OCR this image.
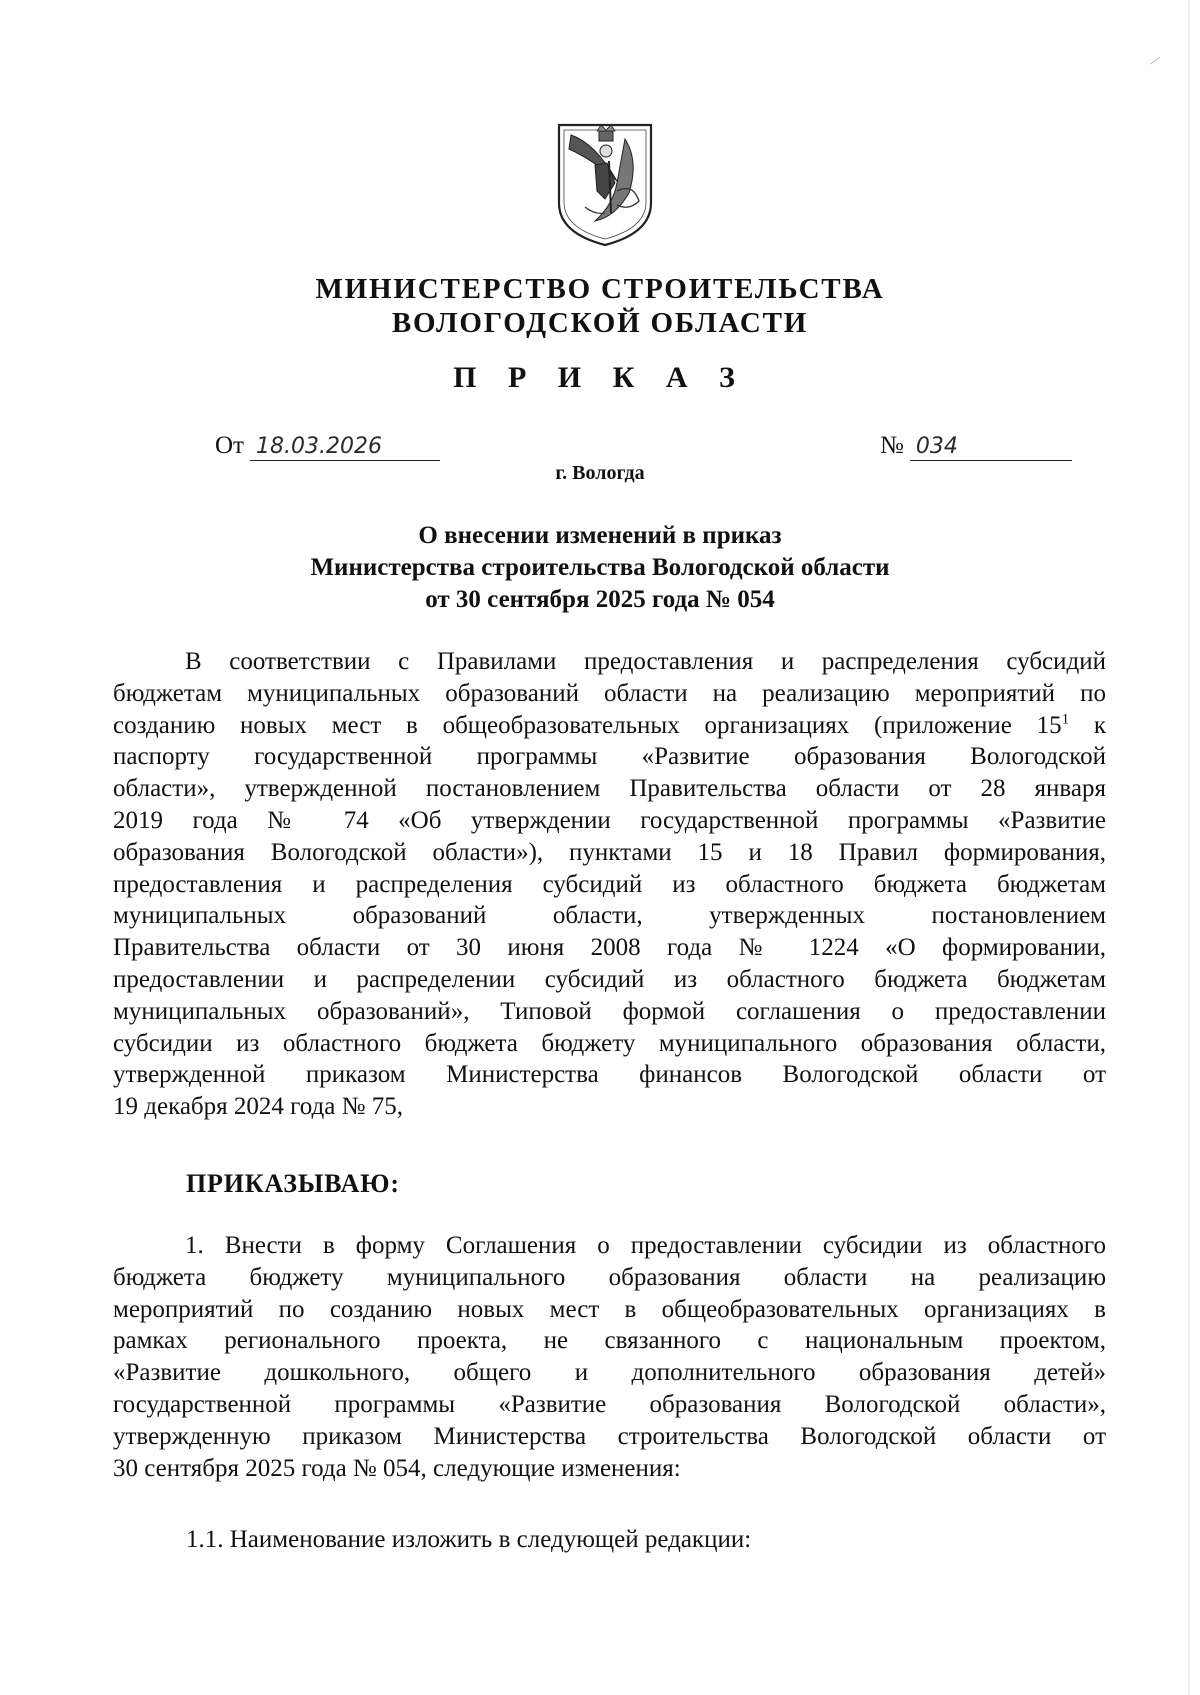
МИНИСТЕРСТВО СТРОИТЕЛЬСТВА
ВОЛОГОДСКОЙ ОБЛАСТИ
П Р И К А З
От 18.03.2026	№ 034
г. Вологда
О внесении изменений в приказ
Министерства строительства Вологодской области
от 30 сентября 2025 года № 054
В соответствии с Правилами предоставления и распределения субсидий
бюджетам муниципальных образований области на реализацию мероприятий по
созданию новых мест в общеобразовательных организациях (приложение $15^1$ к
паспорту государственной программы «Развитие образования Вологодской
области», утвержденной постановлением Правительства области от 28 января
2019 года № 74 «Об утверждении государственной программы «Развитие
образования Вологодской области»), пунктами 15 и 18 Правил формирования,
предоставления и распределения субсидий из областного бюджета бюджетам
муниципальных образований области, утвержденных постановлением
Правительства области от 30 июня 2008 года № 1224 «О формировании,
предоставлении и распределении субсидий из областного бюджета бюджетам
муниципальных образований», Типовой формой соглашения о предоставлении
субсидии из областного бюджета бюджету муниципального образования области,
утвержденной приказом Министерства финансов Вологодской области от
19 декабря 2024 года № 75,
ПРИКАЗЫВАЮ:
1. Внести в форму Соглашения о предоставлении субсидии из областного
бюджета бюджету муниципального образования области на реализацию
мероприятий по созданию новых мест в общеобразовательных организациях в
рамках регионального проекта, не связанного с национальным проектом,
«Развитие дошкольного, общего и дополнительного образования детей»
государственной программы «Развитие образования Вологодской области»,
утвержденную приказом Министерства строительства Вологодской области от
30 сентября 2025 года № 054, следующие изменения:
1.1. Наименование изложить в следующей редакции:
